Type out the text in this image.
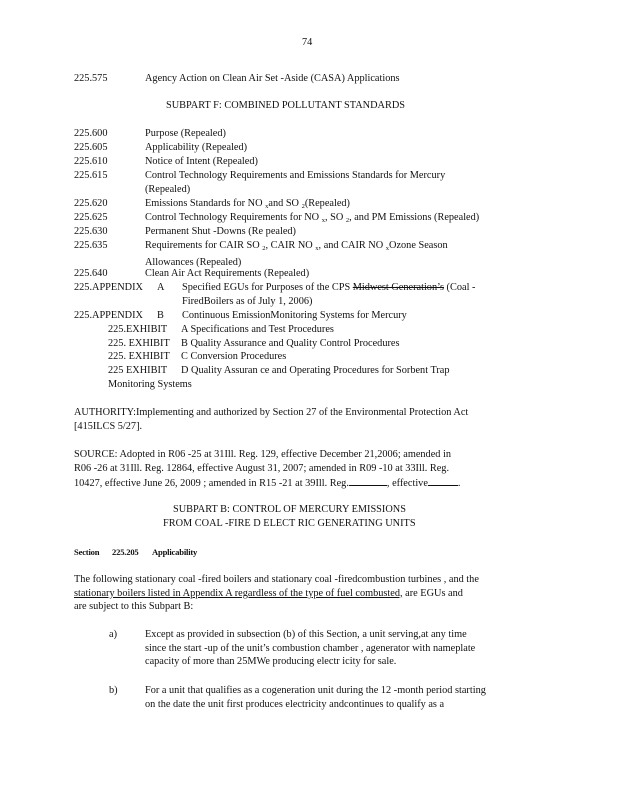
74
225.575	Agency Action on Clean Air Set -Aside (CASA) Applications
SUBPART F: COMBINED POLLUTANT STANDARDS
225.600	Purpose (Repealed)
225.605	Applicability (Repealed)
225.610	Notice of Intent (Repealed)
225.615	Control Technology Requirements and Emissions Standards for Mercury
(Repealed)
225.620	Emissions Standards for NO xand SO 2(Repealed)
225.625	Control Technology Requirements for NO x, SO 2, and PM Emissions (Repealed)
225.630	Permanent Shut -Downs (Re pealed)
225.635	Requirements for CAIR SO 2, CAIR NO x, and CAIR NO xOzone Season
Allowances (Repealed)
225.640	Clean Air Act Requirements (Repealed)
225.APPENDIX A Specified EGUs for Purposes of the CPS Midwest Generation’s (Coal -
FiredBoilers as of July 1, 2006)
225.APPENDIX B Continuous EmissionMonitoring Systems for Mercury
225.EXHIBIT A Specifications and Test Procedures
225. EXHIBIT B Quality Assurance and Quality Control Procedures
225. EXHIBIT C Conversion Procedures
225 EXHIBIT D Quality Assuran ce and Operating Procedures for Sorbent Trap
Monitoring Systems
AUTHORITY:Implementing and authorized by Section 27 of the Environmental Protection Act
[415ILCS 5/27].
SOURCE: Adopted in R06 -25 at 31Ill. Reg. 129, effective December 21,2006; amended in
R06 -26 at 31Ill. Reg. 12864, effective August 31, 2007; amended in R09 -10 at 33Ill. Reg.
10427, effective June 26, 2009 ; amended in R15 -21 at 39Ill. Reg.	, effective	.
SUBPART B: CONTROL OF MERCURY EMISSIONS
FROM COAL -FIRE D ELECT RIC GENERATING UNITS
Section 225.205 Applicability
The following stationary coal -fired boilers and stationary coal -firedcombustion turbines , and the
stationary boilers listed in Appendix A regardless of the type of fuel combusted, are EGUs and
are subject to this Subpart B:
a)	Except as provided in subsection (b) of this Section, a unit serving,at any time
since the start -up of the unit’s combustion chamber , agenerator with nameplate
capacity of more than 25MWe producing electr icity for sale.
b)	For a unit that qualifies as a cogeneration unit during the 12 -month period starting
on the date the unit first produces electricity andcontinues to qualify as a
